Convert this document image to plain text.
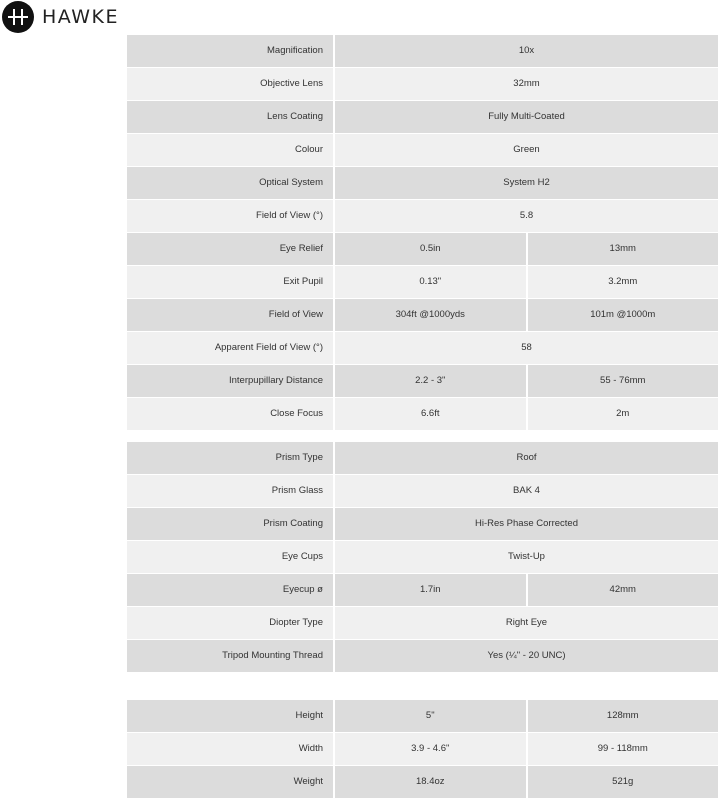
HAWKE
Magnification	10x
Objective Lens	32mm
Lens Coating	Fully Multi-Coated
Colour	Green
Optical System	System H2
Field of View (°)	5.8
Eye Relief	0.5in	13mm
Exit Pupil	0.13"	3.2mm
Field of View	304ft @1000yds	101m @1000m
Apparent Field of View (°)	58
Interpupillary Distance	2.2 - 3"	55 - 76mm
Close Focus	6.6ft	2m
Prism Type	Roof
Prism Glass	BAK 4
Prism Coating	Hi-Res Phase Corrected
Eye Cups	Twist-Up
Eyecup ø	1.7in	42mm
Diopter Type	Right Eye
Tripod Mounting Thread	Yes (¼" - 20 UNC)
Height	5"	128mm
Width	3.9 - 4.6"	99 - 118mm
Weight	18.4oz	521g
